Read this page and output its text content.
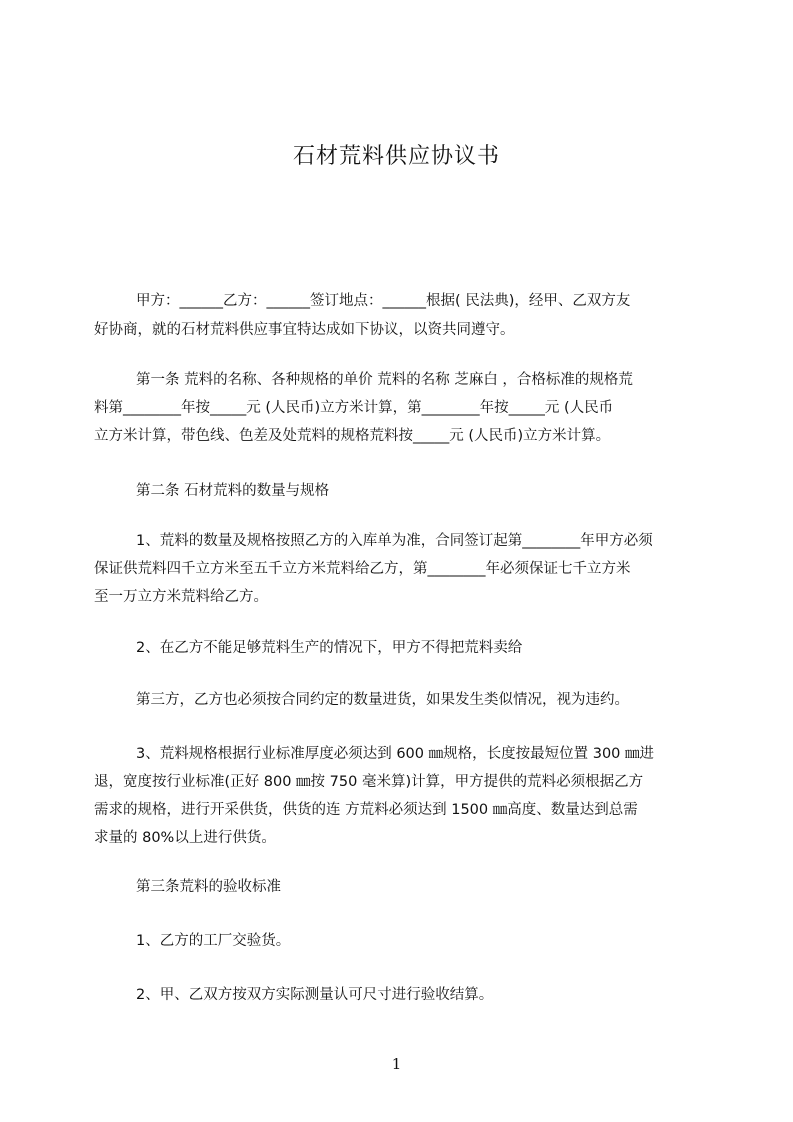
石材荒料供应协议书
甲方：______乙方：______签订地点：______根据( 民法典)，经甲、乙双方友
好协商，就的石材荒料供应事宜特达成如下协议，以资共同遵守。
第一条 荒料的名称、各种规格的单价 荒料的名称 芝麻白 ，合格标准的规格荒
料第________年按_____元 (人民币)立方米计算，第________年按_____元 (人民币
立方米计算，带色线、色差及处荒料的规格荒料按_____元 (人民币)立方米计算。
第二条 石材荒料的数量与规格
1、荒料的数量及规格按照乙方的入库单为准，合同签订起第________年甲方必须
保证供荒料四千立方米至五千立方米荒料给乙方，第________年必须保证七千立方米
至一万立方米荒料给乙方。
2、在乙方不能足够荒料生产的情况下，甲方不得把荒料卖给
第三方，乙方也必须按合同约定的数量进货，如果发生类似情况，视为违约。
3、荒料规格根据行业标准厚度必须达到 600 ㎜规格，长度按最短位置 300 ㎜进
退，宽度按行业标准(正好 800 ㎜按 750 毫米算)计算，甲方提供的荒料必须根据乙方
需求的规格，进行开采供货，供货的连 方荒料必须达到 1500 ㎜高度、数量达到总需
求量的 80%以上进行供货。
第三条荒料的验收标准
1、乙方的工厂交验货。
2、甲、乙双方按双方实际测量认可尺寸进行验收结算。
1
